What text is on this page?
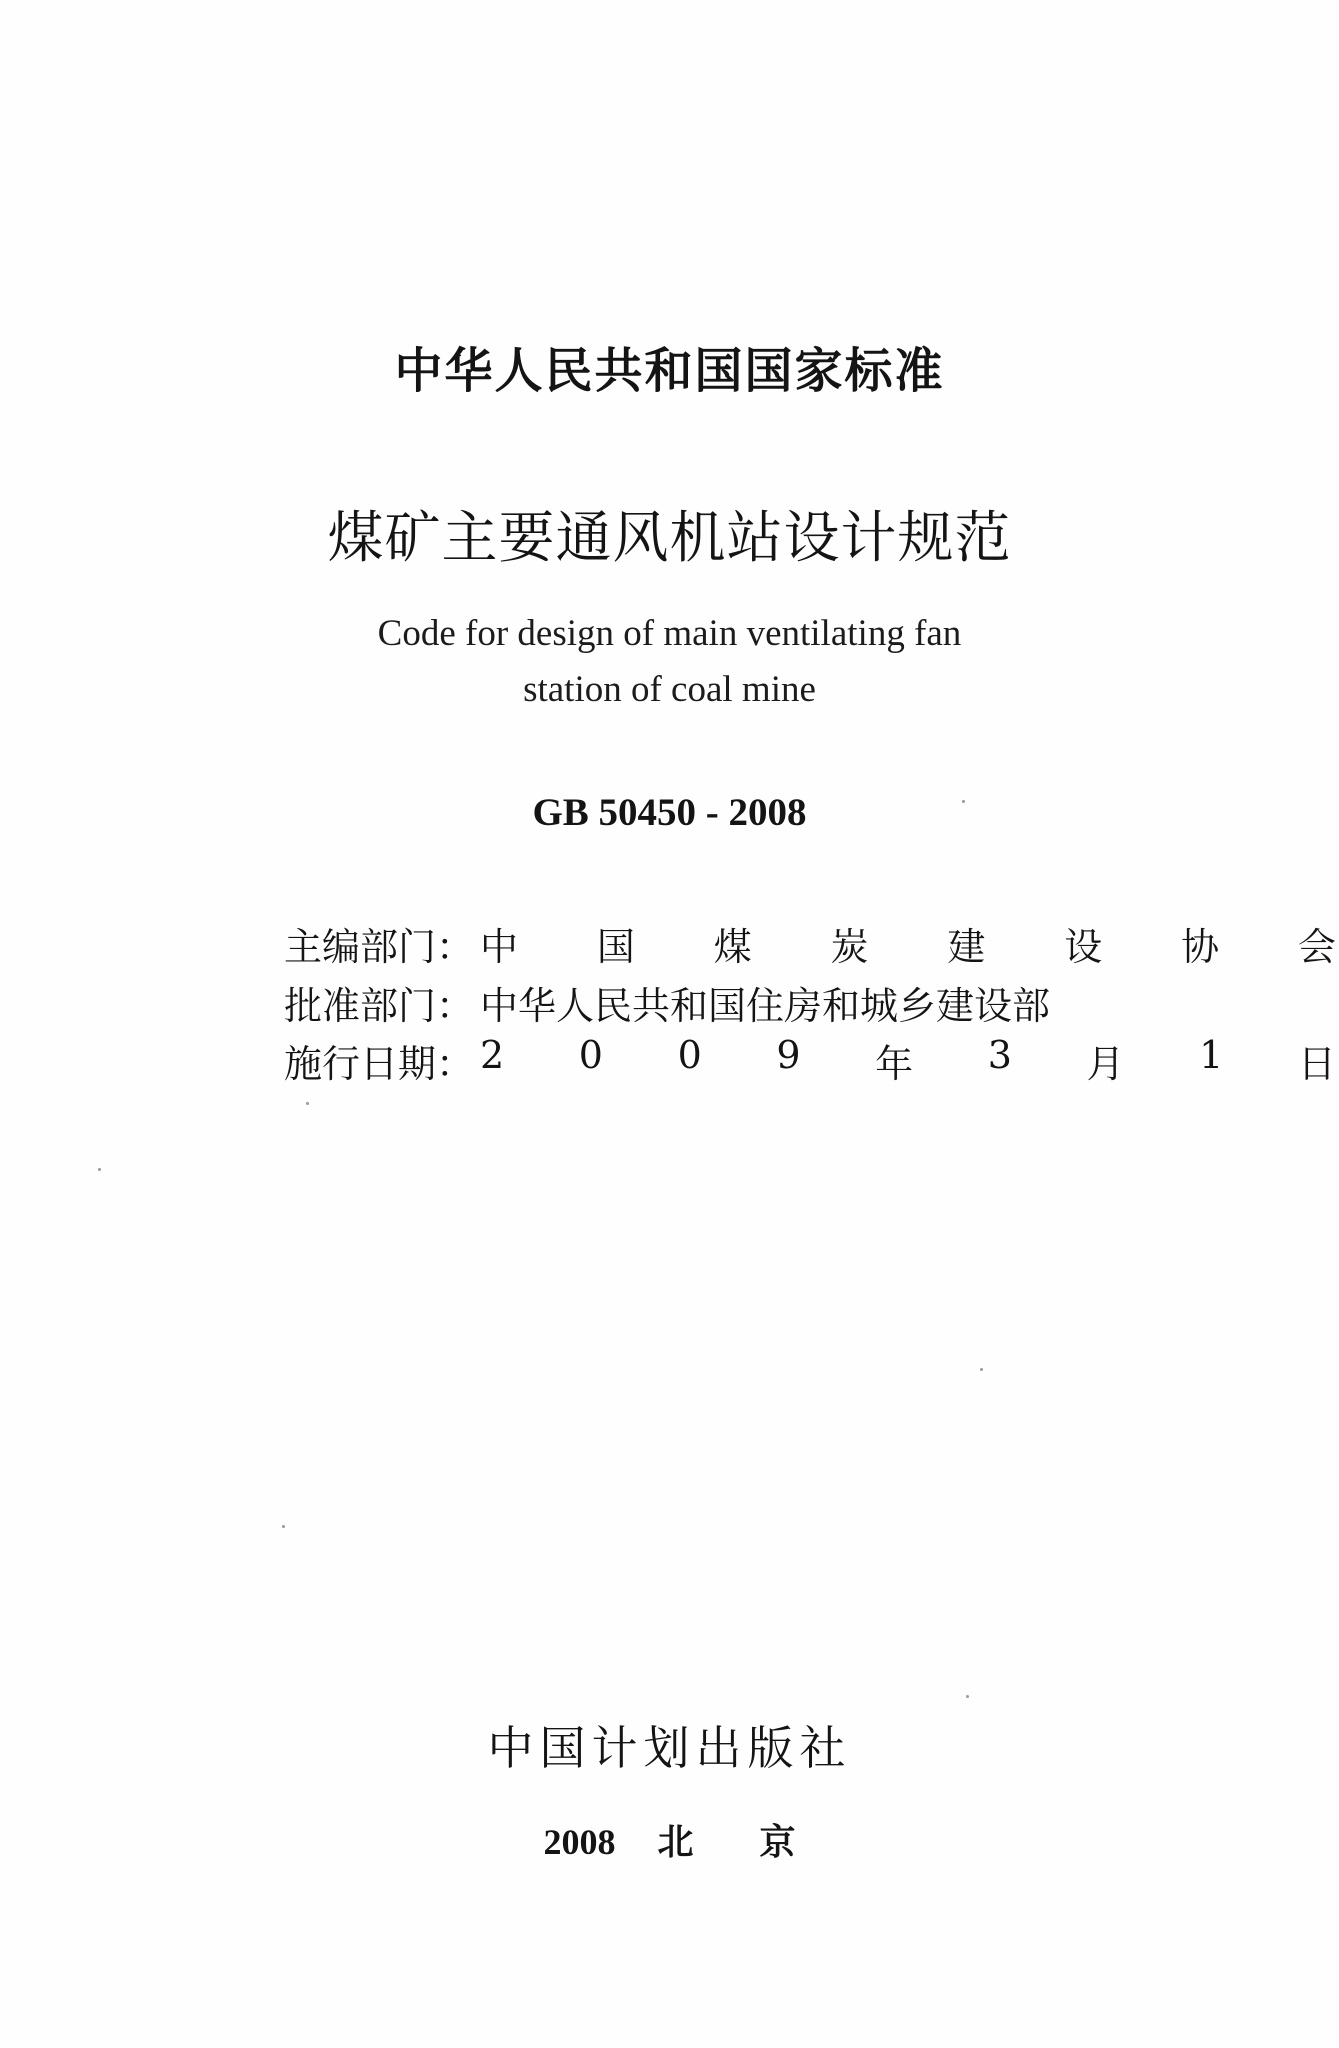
中华人民共和国国家标准
煤矿主要通风机站设计规范
Code for design of main ventilating fan
station of coal mine
GB 50450 - 2008
主编部门： 中 国 煤 炭 建 设 协 会
批准部门： 中华人民共和国住房和城乡建设部
施行日期： 2 0 0 9 年 3 月 1 日
中国计划出版社
2008 北 京
